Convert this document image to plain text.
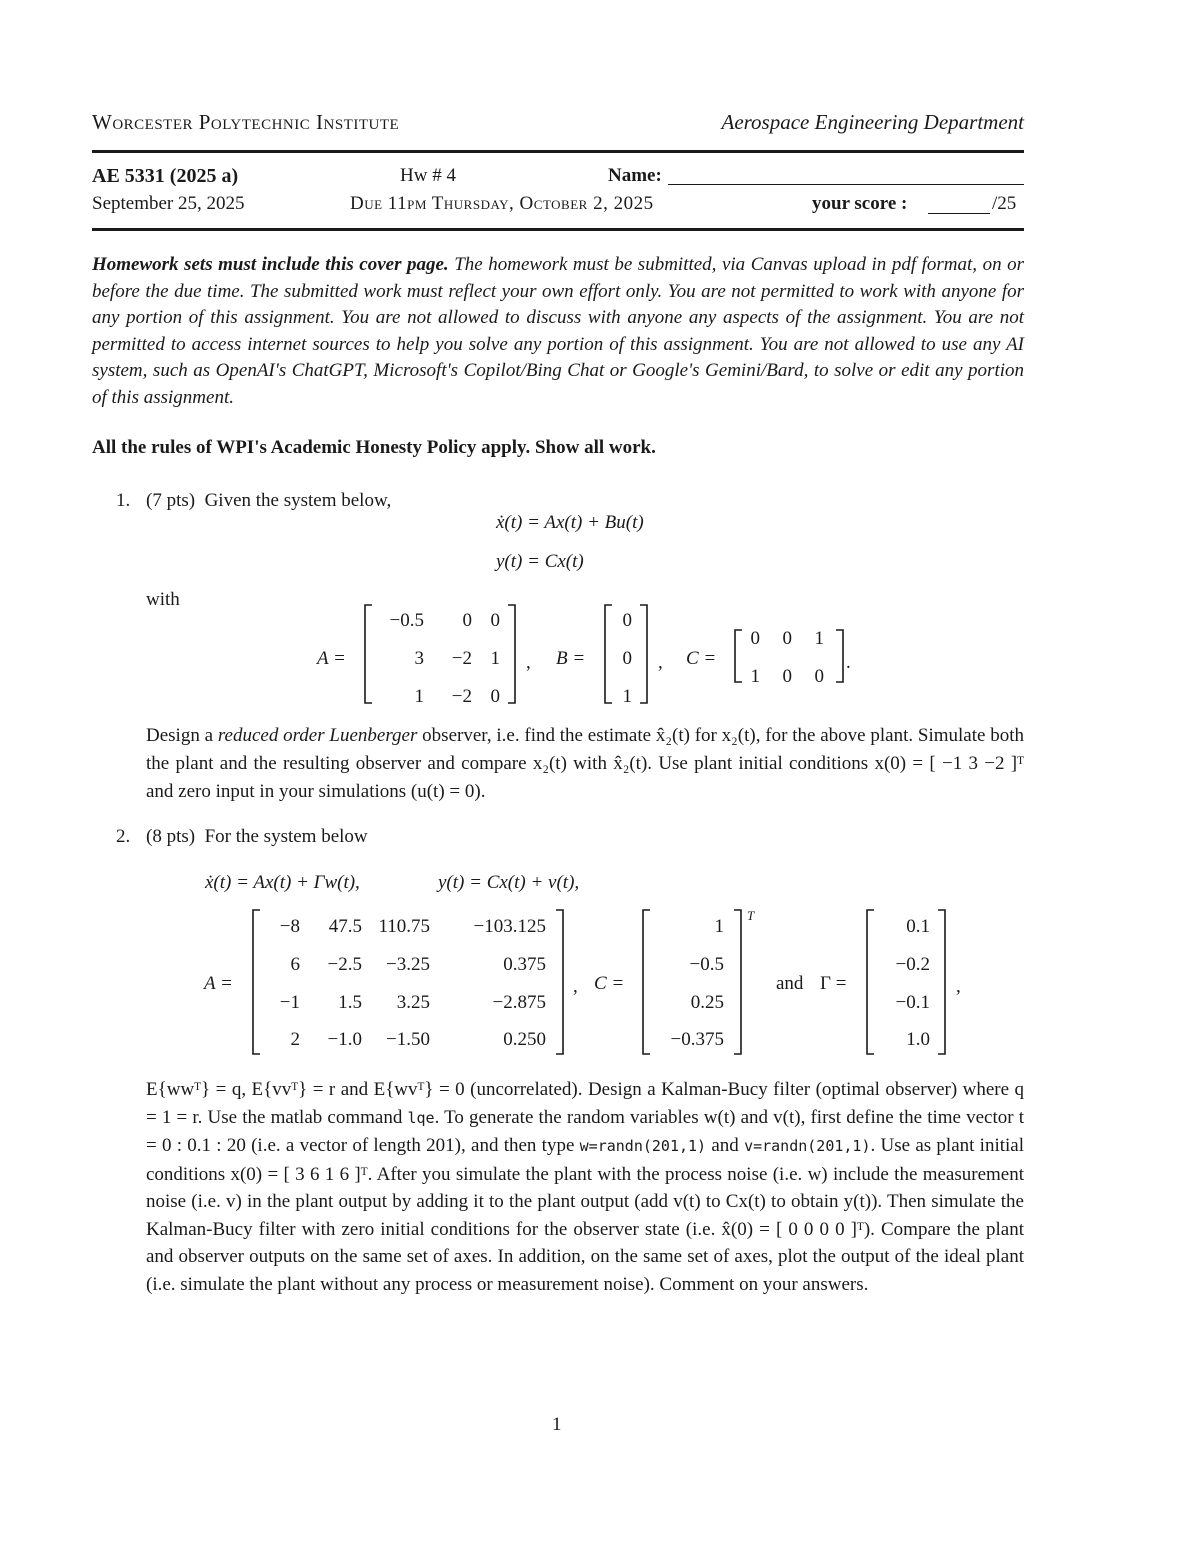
Worcester Polytechnic Institute	Aerospace Engineering Department
AE 5331 (2025 a)	Hw # 4	Name:
September 25, 2025	Due 11pm Thursday, October 2, 2025	your score :	/25
Homework sets must include this cover page. The homework must be submitted, via Canvas upload in pdf format, on or before the due time. The submitted work must reflect your own effort only. You are not permitted to work with anyone for any portion of this assignment. You are not allowed to discuss with anyone any aspects of the assignment. You are not permitted to access internet sources to help you solve any portion of this assignment. You are not allowed to use any AI system, such as OpenAI's ChatGPT, Microsoft's Copilot/Bing Chat or Google's Gemini/Bard, to solve or edit any portion of this assignment.
All the rules of WPI's Academic Honesty Policy apply. Show all work.
1. (7 pts) Given the system below,
ẋ(t) = Ax(t) + Bu(t)
y(t) = Cx(t)
with
A =
−0.5 0 0
3 −2 1
1 −2 0
, B =
0
0
1
, C =
0 0 1
1 0 0
.
Design a reduced order Luenberger observer, i.e. find the estimate x̂₂(t) for x₂(t), for the above plant. Simulate both the plant and the resulting observer and compare x₂(t) with x̂₂(t). Use plant initial conditions x(0) = [ −1 3 −2 ]ᵀ and zero input in your simulations (u(t) = 0).
2. (8 pts) For the system below
ẋ(t) = Ax(t) + Γw(t),	y(t) = Cx(t) + v(t),
A =
−8 47.5 110.75 −103.125
6 −2.5 −3.25	0.375
−1 1.5 3.25	−2.875
2 −1.0 −1.50	0.250
, C =
T
1
−0.5
0.25
−0.375
and Γ =
0.1
−0.2
−0.1
1.0
,
E{wwᵀ} = q, E{vvᵀ} = r and E{wvᵀ} = 0 (uncorrelated). Design a Kalman-Bucy filter (optimal observer) where q = 1 = r. Use the matlab command lqe. To generate the random variables w(t) and v(t), first define the time vector t = 0 : 0.1 : 20 (i.e. a vector of length 201), and then type w=randn(201,1) and v=randn(201,1). Use as plant initial conditions x(0) = [ 3 6 1 6 ]ᵀ. After you simulate the plant with the process noise (i.e. w) include the measurement noise (i.e. v) in the plant output by adding it to the plant output (add v(t) to Cx(t) to obtain y(t)). Then simulate the Kalman-Bucy filter with zero initial conditions for the observer state (i.e. x̂(0) = [ 0 0 0 0 ]ᵀ). Compare the plant and observer outputs on the same set of axes. In addition, on the same set of axes, plot the output of the ideal plant (i.e. simulate the plant without any process or measurement noise). Comment on your answers.
1
